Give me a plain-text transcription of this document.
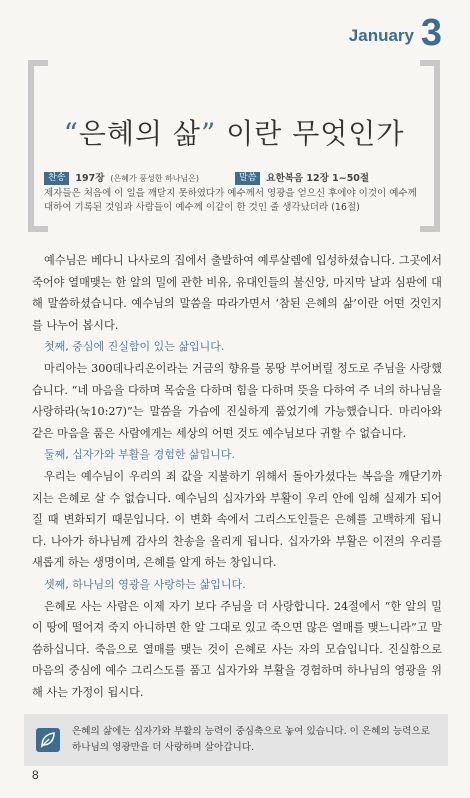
January 3
“은혜의 삶” 이란 무엇인가
찬송	197장 (은혜가 풍성한 하나님은)	말씀	요한복음 12장 1~50절
제자들은 처음에 이 일을 깨닫지 못하였다가 예수께서 영광을 얻으신 후에야 이것이 예수께 대하여 기록된 것임과 사람들이 예수께 이같이 한 것인 줄 생각났더라 (16절)

예수님은 베다니 나사로의 집에서 출발하여 예루살렘에 입성하셨습니다. 그곳에서 죽어야 열매맺는 한 알의 밀에 관한 비유, 유대인들의 불신앙, 마지막 날과 심판에 대해 말씀하셨습니다. 예수님의 말씀을 따라가면서 ‘참된 은혜의 삶’이란 어떤 것인지를 나누어 봅시다.

첫째, 중심에 진실함이 있는 삶입니다.

마리아는 300데나리온이라는 거금의 향유를 몽땅 부어버릴 정도로 주님을 사랑했습니다. “네 마음을 다하며 목숨을 다하며 힘을 다하며 뜻을 다하여 주 너의 하나님을 사랑하라(눅10:27)”는 말씀을 가슴에 진실하게 품었기에 가능했습니다. 마리아와 같은 마음을 품은 사람에게는 세상의 어떤 것도 예수님보다 귀할 수 없습니다.

둘째, 십자가와 부활을 경험한 삶입니다.

우리는 예수님이 우리의 죄 값을 지불하기 위해서 돌아가셨다는 복음을 깨닫기까지는 은혜로 살 수 없습니다. 예수님의 십자가와 부활이 우리 안에 임해 실제가 되어질 때 변화되기 때문입니다. 이 변화 속에서 그리스도인들은 은혜를 고백하게 됩니다. 나아가 하나님께 감사의 찬송을 올리게 됩니다. 십자가와 부활은 이전의 우리를 새롭게 하는 생명이며, 은혜를 알게 하는 창입니다.

셋째, 하나님의 영광을 사랑하는 삶입니다.

은혜로 사는 사람은 이제 자기 보다 주님을 더 사랑합니다. 24절에서 “한 알의 밀이 땅에 떨어져 죽지 아니하면 한 알 그대로 있고 죽으면 많은 열매를 맺느니라”고 말씀하십니다. 죽음으로 열매를 맺는 것이 은혜로 사는 자의 모습입니다. 진실함으로 마음의 중심에 예수 그리스도를 품고 십자가와 부활을 경험하며 하나님의 영광을 위해 사는 가정이 됩시다.

은혜의 삶에는 십자가와 부활의 능력이 중심축으로 놓여 있습니다. 이 은혜의 능력으로 하나님의 영광만을 더 사랑하며 살아갑니다.
8
